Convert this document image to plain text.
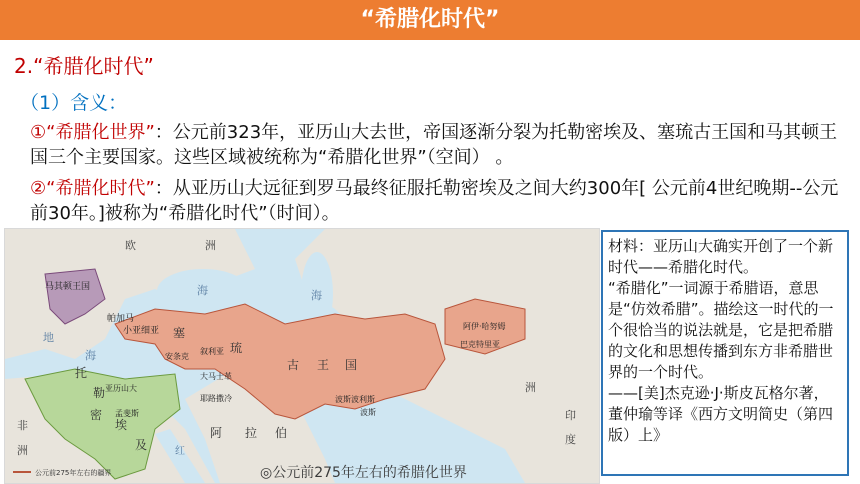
“希腊化时代”
2.“希腊化时代”
（1）含义：
①“希腊化世界”：公元前323年，亚历山大去世，帝国逐渐分裂为托勒密埃及、塞琉古王国和马其顿王国三个主要国家。这些区域被统称为“希腊化世界”（空间） 。
②“希腊化时代”：从亚历山大远征到罗马最终征服托勒密埃及之间大约300年[ 公元前4世纪晚期--公元前30年。]被称为“希腊化时代”（时间）。
欧	洲
海	海
马其顿王国
帕加马
小亚细亚 塞
琉
古 王 国
安条克
叙利亚
大马士革
耶路撒冷
亚历山大
孟斐斯
托
勒
密
埃
及
阿 拉 伯
阿伊·哈努姆
巴克特里亚
波斯波利斯
波斯
地
海
非
洲
洲
印
度
红
公元前275年左右的疆界	◎公元前275年左右的希腊化世界

材料：亚历山大确实开创了一个新时代——希腊化时代。

“希腊化”一词源于希腊语，意思是“仿效希腊”。描绘这一时代的一个很恰当的说法就是，它是把希腊的文化和思想传播到东方非希腊世界的一个时代。

——[美]杰克逊·J·斯皮瓦格尔著，董仲瑜等译《西方文明简史（第四版）上》
